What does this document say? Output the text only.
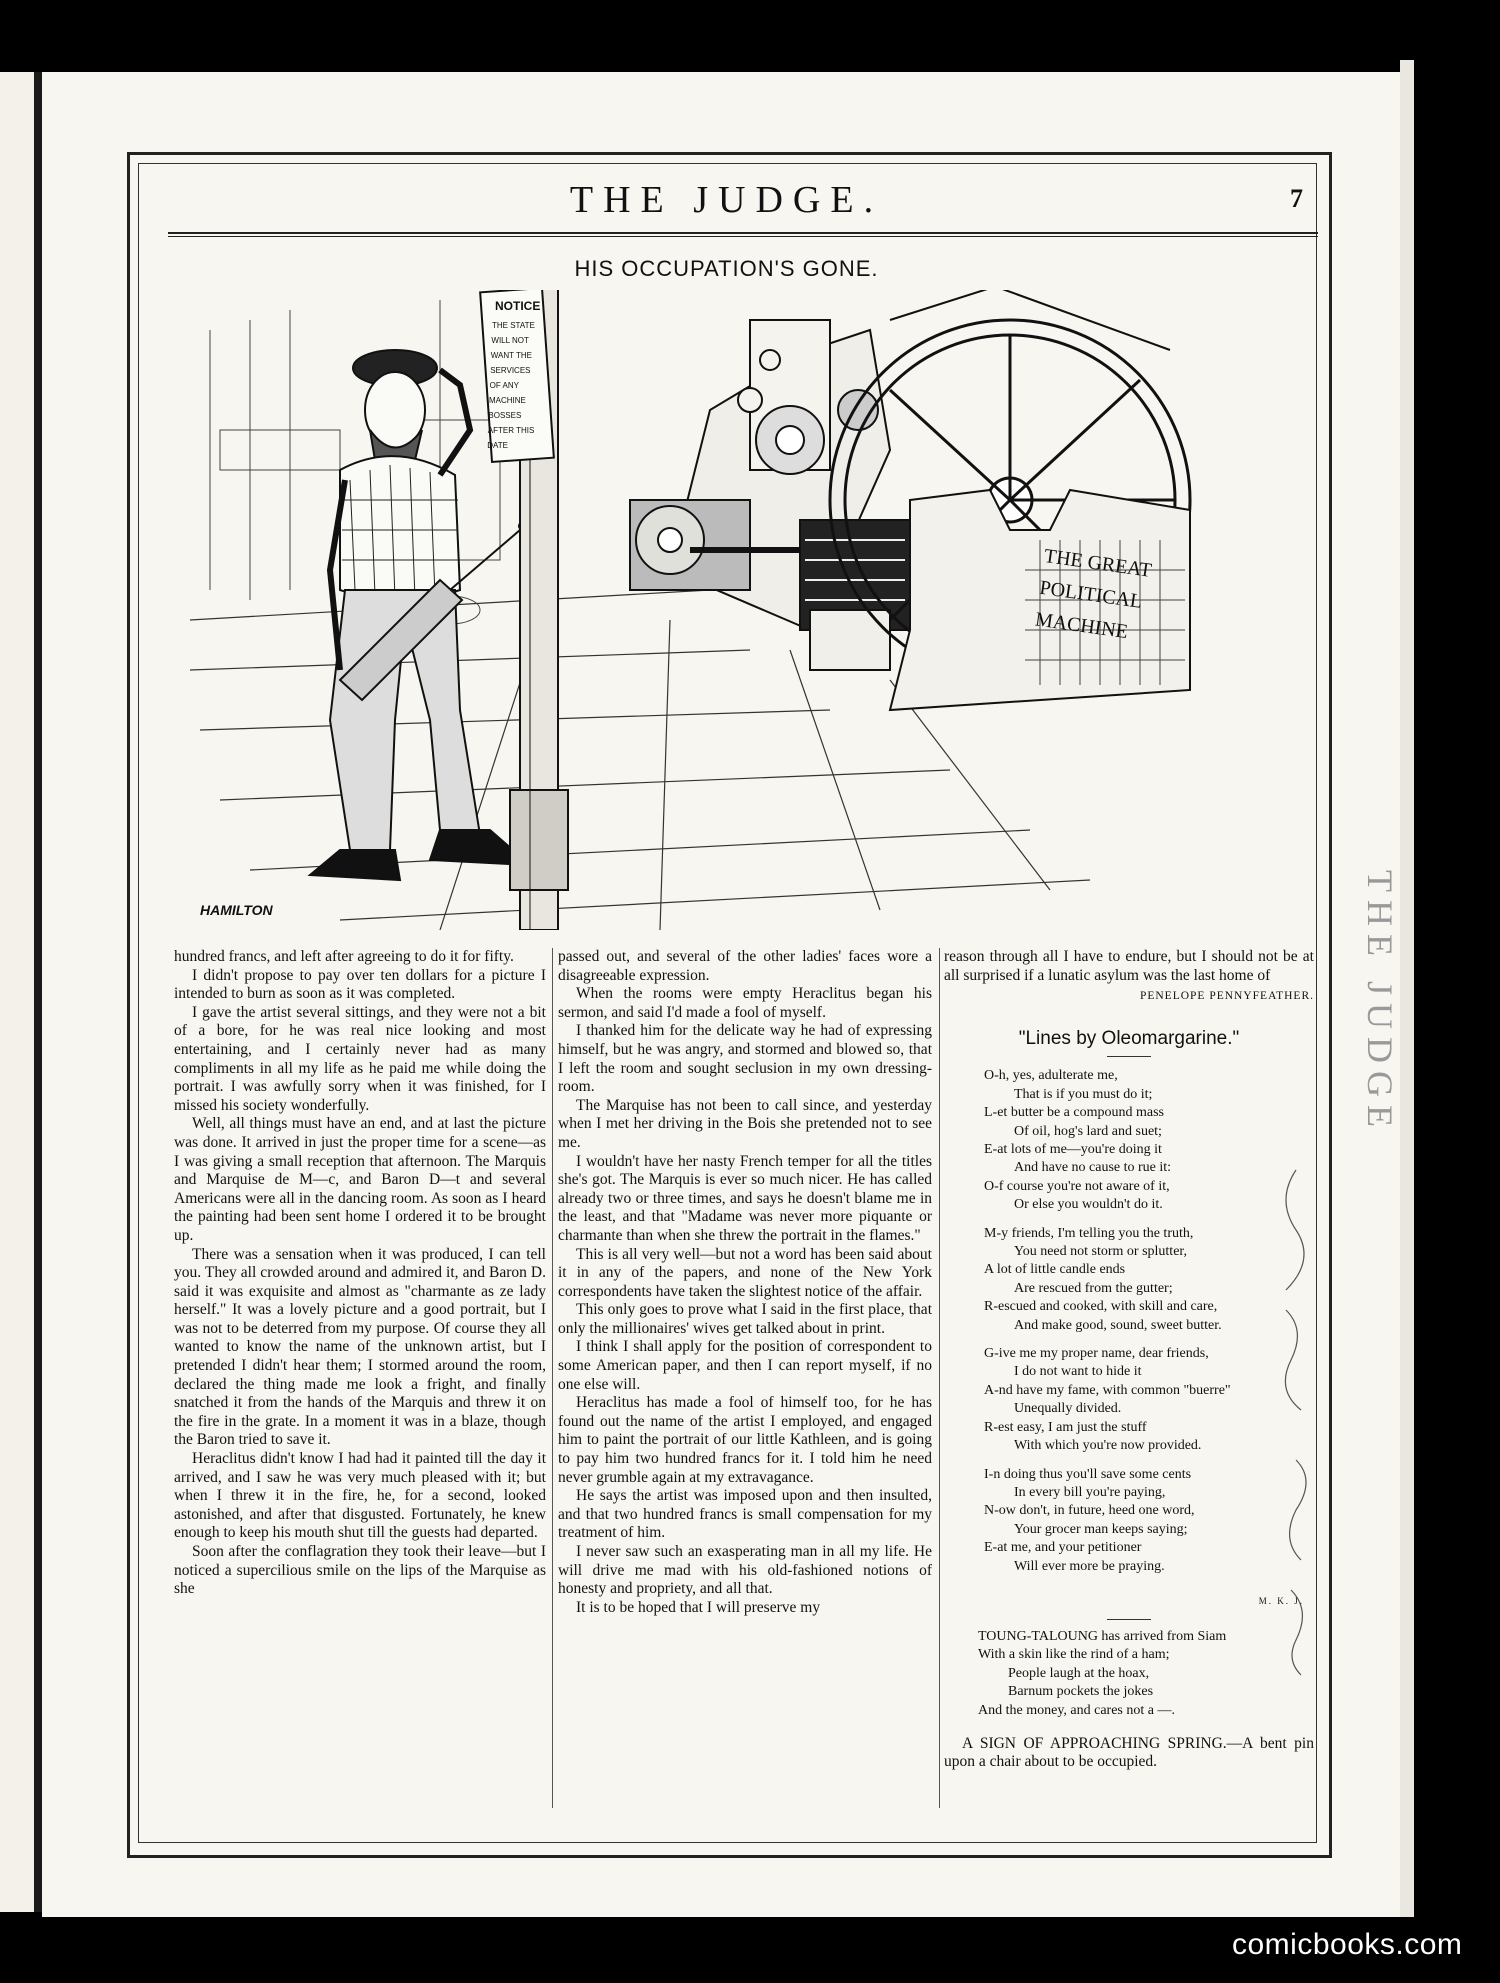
THE JUDGE.	7
HIS OCCUPATION'S GONE.
NOTICE
THE STATE
WILL NOT
WANT THE
SERVICES
OF ANY
MACHINE
BOSSES
AFTER THIS
DATE
THE GREAT
POLITICAL
MACHINE
HAMILTON

hundred francs, and left after agreeing to do it for fifty.

I didn't propose to pay over ten dollars for a picture I intended to burn as soon as it was completed.

I gave the artist several sittings, and they were not a bit of a bore, for he was real nice looking and most entertaining, and I certainly never had as many compliments in all my life as he paid me while doing the portrait. I was awfully sorry when it was finished, for I missed his society wonderfully.

Well, all things must have an end, and at last the picture was done. It arrived in just the proper time for a scene—as I was giving a small reception that afternoon. The Marquis and Marquise de M—c, and Baron D—t and several Americans were all in the dancing room. As soon as I heard the painting had been sent home I ordered it to be brought up.

There was a sensation when it was produced, I can tell you. They all crowded around and admired it, and Baron D. said it was exquisite and almost as "charmante as ze lady herself." It was a lovely picture and a good portrait, but I was not to be deterred from my purpose. Of course they all wanted to know the name of the unknown artist, but I pretended I didn't hear them; I stormed around the room, declared the thing made me look a fright, and finally snatched it from the hands of the Marquis and threw it on the fire in the grate. In a moment it was in a blaze, though the Baron tried to save it.

Heraclitus didn't know I had had it painted till the day it arrived, and I saw he was very much pleased with it; but when I threw it in the fire, he, for a second, looked astonished, and after that disgusted. Fortunately, he knew enough to keep his mouth shut till the guests had departed.

Soon after the conflagration they took their leave—but I noticed a supercilious smile on the lips of the Marquise as she

passed out, and several of the other ladies' faces wore a disagreeable expression.

When the rooms were empty Heraclitus began his sermon, and said I'd made a fool of myself.

I thanked him for the delicate way he had of expressing himself, but he was angry, and stormed and blowed so, that I left the room and sought seclusion in my own dressing-room.

The Marquise has not been to call since, and yesterday when I met her driving in the Bois she pretended not to see me.

I wouldn't have her nasty French temper for all the titles she's got. The Marquis is ever so much nicer. He has called already two or three times, and says he doesn't blame me in the least, and that "Madame was never more piquante or charmante than when she threw the portrait in the flames."

This is all very well—but not a word has been said about it in any of the papers, and none of the New York correspondents have taken the slightest notice of the affair.

This only goes to prove what I said in the first place, that only the millionaires' wives get talked about in print.

I think I shall apply for the position of correspondent to some American paper, and then I can report myself, if no one else will.

Heraclitus has made a fool of himself too, for he has found out the name of the artist I employed, and engaged him to paint the portrait of our little Kathleen, and is going to pay him two hundred francs for it. I told him he need never grumble again at my extravagance.

He says the artist was imposed upon and then insulted, and that two hundred francs is small compensation for my treatment of him.

I never saw such an exasperating man in all my life. He will drive me mad with his old-fashioned notions of honesty and propriety, and all that.

It is to be hoped that I will preserve my

reason through all I have to endure, but I should not be at all surprised if a lunatic asylum was the last home of

PENELOPE PENNYFEATHER.
"Lines by Oleomargarine."
O-h, yes, adulterate me,
That is if you must do it;
L-et butter be a compound mass
Of oil, hog's lard and suet;
E-at lots of me—you're doing it
And have no cause to rue it:
O-f course you're not aware of it,
Or else you wouldn't do it.
M-y friends, I'm telling you the truth,
You need not storm or splutter,
A lot of little candle ends
Are rescued from the gutter;
R-escued and cooked, with skill and care,
And make good, sound, sweet butter.
G-ive me my proper name, dear friends,
I do not want to hide it
A-nd have my fame, with common "buerre"
Unequally divided.
R-est easy, I am just the stuff
With which you're now provided.
I-n doing thus you'll save some cents
In every bill you're paying,
N-ow don't, in future, heed one word,
Your grocer man keeps saying;
E-at me, and your petitioner
Will ever more be praying.
M. K. J.
TOUNG-TALOUNG has arrived from Siam
With a skin like the rind of a ham;
People laugh at the hoax,
Barnum pockets the jokes
And the money, and cares not a —.
A SIGN OF APPROACHING SPRING.—A bent pin upon a chair about to be occupied.
THE JUDGE
comicbooks.com
